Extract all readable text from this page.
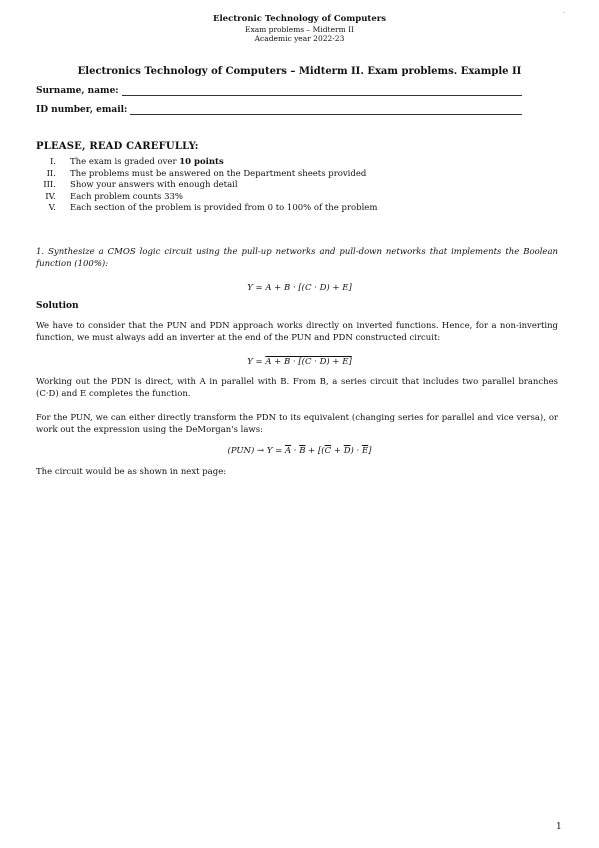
·
Electronic Technology of Computers
Exam problems – Midterm II
Academic year 2022-23
Electronics Technology of Computers – Midterm II. Exam problems. Example II
Surname, name:
ID number, email:
PLEASE, READ CAREFULLY:
I.	The exam is graded over 10 points
II.	The problems must be answered on the Department sheets provided
III.	Show your answers with enough detail
IV.	Each problem counts 33%
V.	Each section of the problem is provided from 0 to 100% of the problem
1. Synthesize a CMOS logic circuit using the pull-up networks and pull-down networks that implements the Boolean function (100%):
Y = A + B · [(C · D) + E]
Solution
We have to consider that the PUN and PDN approach works directly on inverted functions. Hence, for a non-inverting function, we must always add an inverter at the end of the PUN and PDN constructed circuit:
Y = A + B · [(C · D) + E]
Working out the PDN is direct, with A in parallel with B. From B, a series circuit that includes two parallel branches (C·D) and E completes the function.
For the PUN, we can either directly transform the PDN to its equivalent (changing series for parallel and vice versa), or work out the expression using the DeMorgan's laws:
$(PUN) \to Y = \overline{A} \cdot \overline{B} + [(\overline{C} + \overline{D}) \cdot \overline{E}]$
The circuit would be as shown in next page:
1
